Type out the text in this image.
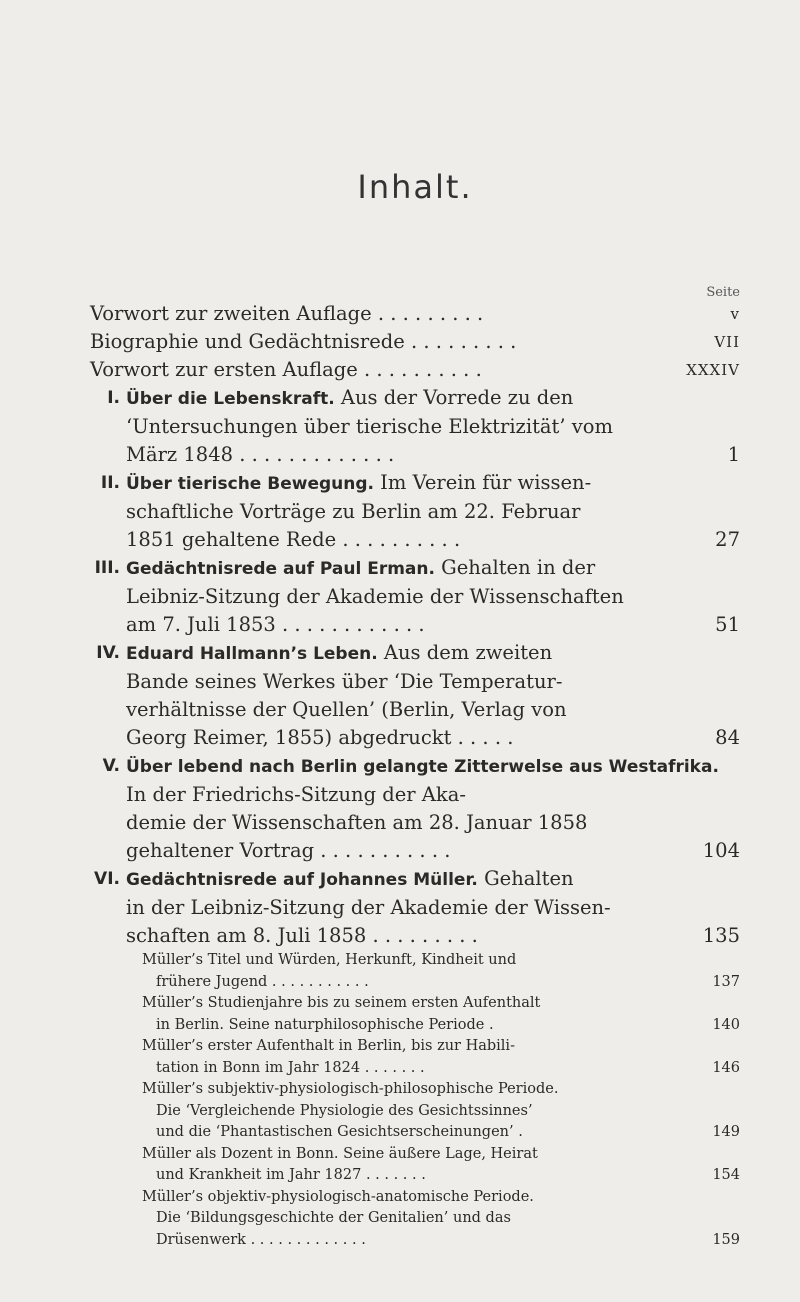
Inhalt.
Seite
Vorwort zur zweiten Auflage . . . . . . . . .	v
Biographie und Gedächtnisrede . . . . . . . . .	VII
Vorwort zur ersten Auflage . . . . . . . . . .	XXXIV
I. Über die Lebenskraft. Aus der Vorrede zu den
‘Untersuchungen über tierische Elektrizität’ vom
März 1848 . . . . . . . . . . . . .	1
II. Über tierische Bewegung. Im Verein für wissen-
schaftliche Vorträge zu Berlin am 22. Februar
1851 gehaltene Rede . . . . . . . . . .	27
III. Gedächtnisrede auf Paul Erman. Gehalten in der
Leibniz-Sitzung der Akademie der Wissenschaften
am 7. Juli 1853 . . . . . . . . . . . .	51
IV. Eduard Hallmann’s Leben. Aus dem zweiten
Bande seines Werkes über ‘Die Temperatur-
verhältnisse der Quellen’ (Berlin, Verlag von
Georg Reimer, 1855) abgedruckt . . . . .	84
V. Über lebend nach Berlin gelangte Zitterwelse aus Westafrika. In der Friedrichs-Sitzung der Aka-
demie der Wissenschaften am 28. Januar 1858
gehaltener Vortrag . . . . . . . . . . .	104
VI. Gedächtnisrede auf Johannes Müller. Gehalten
in der Leibniz-Sitzung der Akademie der Wissen-
schaften am 8. Juli 1858 . . . . . . . . .	135
Müller’s Titel und Würden, Herkunft, Kindheit und
frühere Jugend . . . . . . . . . . .	137
Müller’s Studienjahre bis zu seinem ersten Aufenthalt
in Berlin. Seine naturphilosophische Periode .	140
Müller’s erster Aufenthalt in Berlin, bis zur Habili-
tation in Bonn im Jahr 1824 . . . . . . .	146
Müller’s subjektiv-physiologisch-philosophische Periode.
Die ‘Vergleichende Physiologie des Gesichtssinnes’
und die ‘Phantastischen Gesichtserscheinungen’ .	149
Müller als Dozent in Bonn. Seine äußere Lage, Heirat
und Krankheit im Jahr 1827 . . . . . . .	154
Müller’s objektiv-physiologisch-anatomische Periode.
Die ‘Bildungsgeschichte der Genitalien’ und das
Drüsenwerk . . . . . . . . . . . . .	159
